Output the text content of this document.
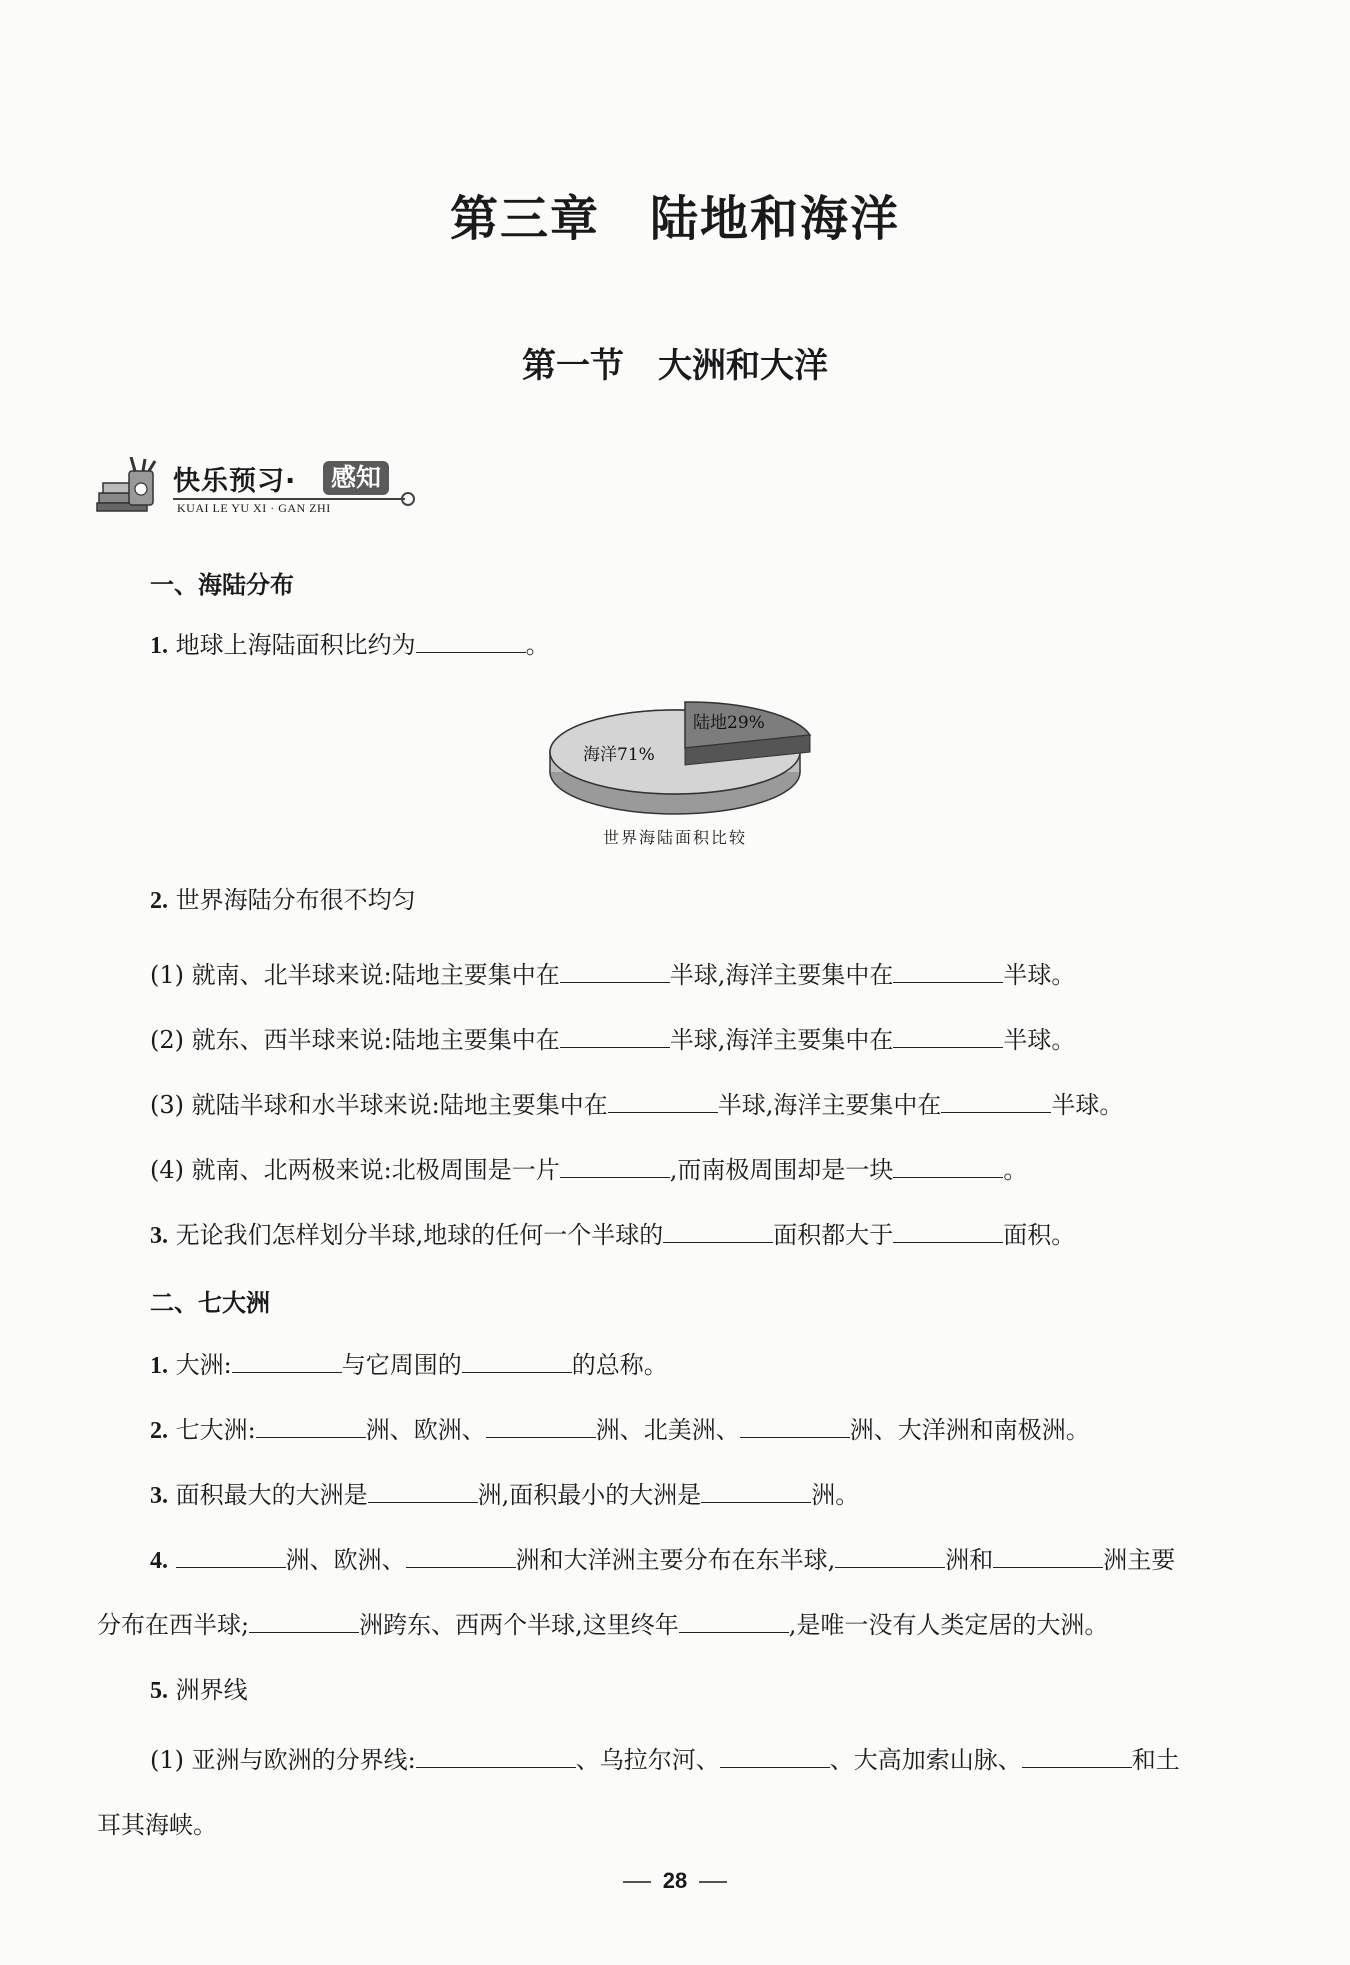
第三章　陆地和海洋
第一节　大洲和大洋
快乐预习·	感知
KUAI LE YU XI · GAN ZHI
一、海陆分布
1. 地球上海陆面积比约为	。
陆地29%
海洋71%
世界海陆面积比较
2. 世界海陆分布很不均匀
(1) 就南、北半球来说:陆地主要集中在	半球,海洋主要集中在	半球。
(2) 就东、西半球来说:陆地主要集中在	半球,海洋主要集中在	半球。
(3) 就陆半球和水半球来说:陆地主要集中在	半球,海洋主要集中在	半球。
(4) 就南、北两极来说:北极周围是一片	,而南极周围却是一块	。
3. 无论我们怎样划分半球,地球的任何一个半球的	面积都大于	面积。
二、七大洲
1. 大洲:	与它周围的	的总称。
2. 七大洲:	洲、欧洲、	洲、北美洲、	洲、大洋洲和南极洲。
3. 面积最大的大洲是	洲,面积最小的大洲是	洲。
4.	洲、欧洲、	洲和大洋洲主要分布在东半球,	洲和	洲主要
分布在西半球;	洲跨东、西两个半球,这里终年	,是唯一没有人类定居的大洲。
5. 洲界线
(1) 亚洲与欧洲的分界线:	、乌拉尔河、	、大高加索山脉、	和土
耳其海峡。
28
